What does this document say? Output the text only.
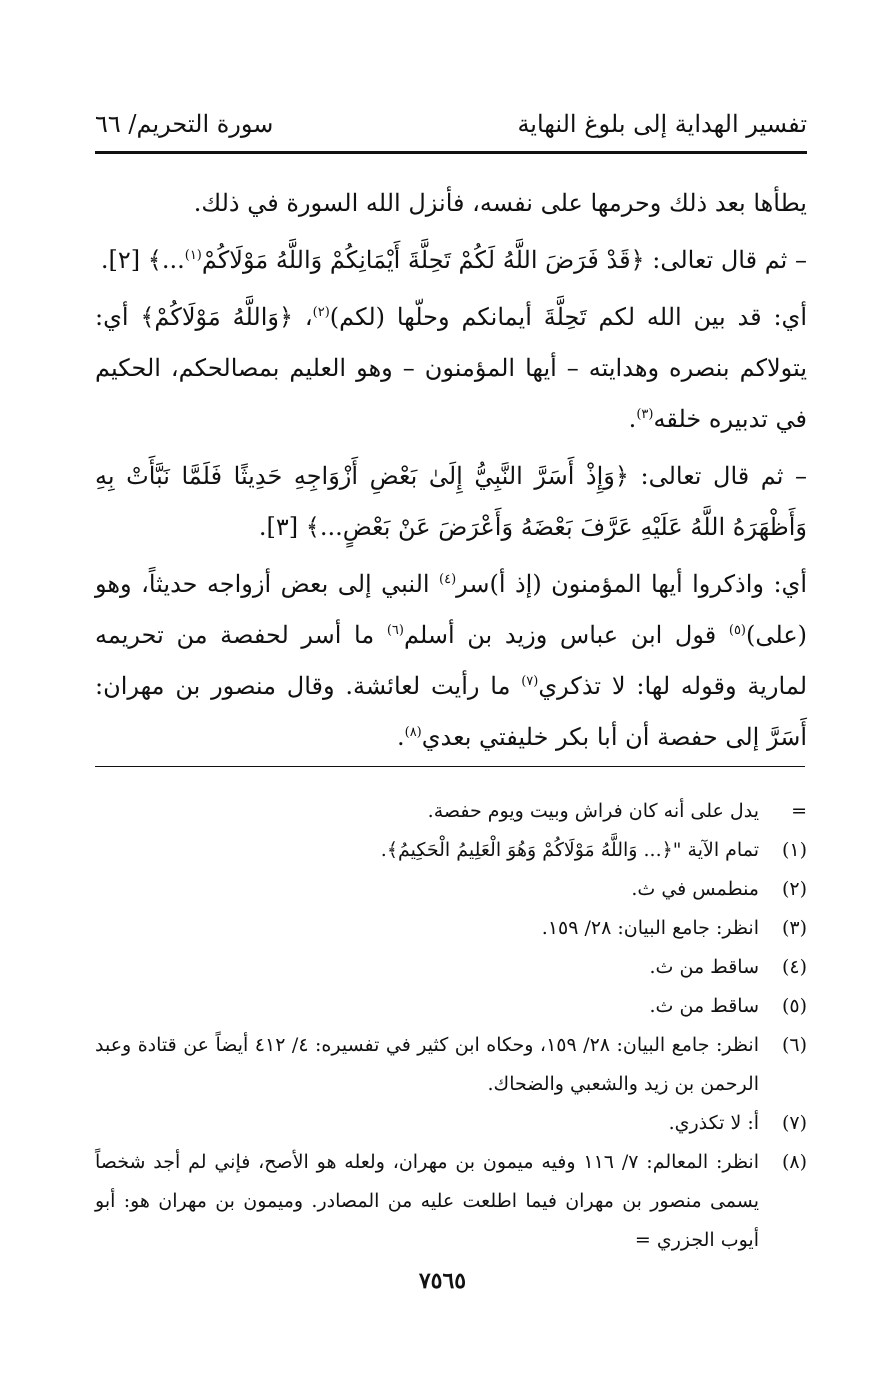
تفسير الهداية إلى بلوغ النهاية
سورة التحريم/ ٦٦

يطأها بعد ذلك وحرمها على نفسه، فأنزل الله السورة في ذلك.

– ثم قال تعالى: ﴿قَدْ فَرَضَ اللَّهُ لَكُمْ تَحِلَّةَ أَيْمَانِكُمْ وَاللَّهُ مَوْلَاكُمْ$^{(١)}$...﴾ [٢].

أي: قد بين الله لكم تَحِلَّةَ أيمانكم وحلّها (لكم)$^{(٢)}$، ﴿وَاللَّهُ مَوْلَاكُمْ﴾ أي: يتولاكم بنصره وهدايته – أيها المؤمنون – وهو العليم بمصالحكم، الحكيم في تدبيره خلقه$^{(٣)}$.

– ثم قال تعالى: ﴿وَإِذْ أَسَرَّ النَّبِيُّ إِلَىٰ بَعْضِ أَزْوَاجِهِ حَدِيثًا فَلَمَّا نَبَّأَتْ بِهِ وَأَظْهَرَهُ اللَّهُ عَلَيْهِ عَرَّفَ بَعْضَهُ وَأَعْرَضَ عَنْ بَعْضٍ...﴾ [٣].

أي: واذكروا أيها المؤمنون (إذ أ)سر$^{(٤)}$ النبي إلى بعض أزواجه حديثاً، وهو (على)$^{(٥)}$ قول ابن عباس وزيد بن أسلم$^{(٦)}$ ما أسر لحفصة من تحريمه لمارية وقوله لها: لا تذكري$^{(٧)}$ ما رأيت لعائشة. وقال منصور بن مهران: أَسَرَّ إلى حفصة أن أبا بكر خليفتي بعدي$^{(٨)}$.

=
يدل على أنه كان فراش وبيت ويوم حفصة.
(١)
تمام الآية "﴿... وَاللَّهُ مَوْلَاكُمْ وَهُوَ الْعَلِيمُ الْحَكِيمُ﴾.
(٢)
منطمس في ث.
(٣)
انظر: جامع البيان: ٢٨/ ١٥٩.
(٤)
ساقط من ث.
(٥)
ساقط من ث.
(٦)
انظر: جامع البيان: ٢٨/ ١٥٩، وحكاه ابن كثير في تفسيره: ٤/ ٤١٢ أيضاً عن قتادة وعبد الرحمن بن زيد والشعبي والضحاك.
(٧)
أ: لا تكذري.
(٨)
انظر: المعالم: ٧/ ١١٦ وفيه ميمون بن مهران، ولعله هو الأصح، فإني لم أجد شخصاً يسمى منصور بن مهران فيما اطلعت عليه من المصادر. وميمون بن مهران هو: أبو أيوب الجزري =
٧٥٦٥
